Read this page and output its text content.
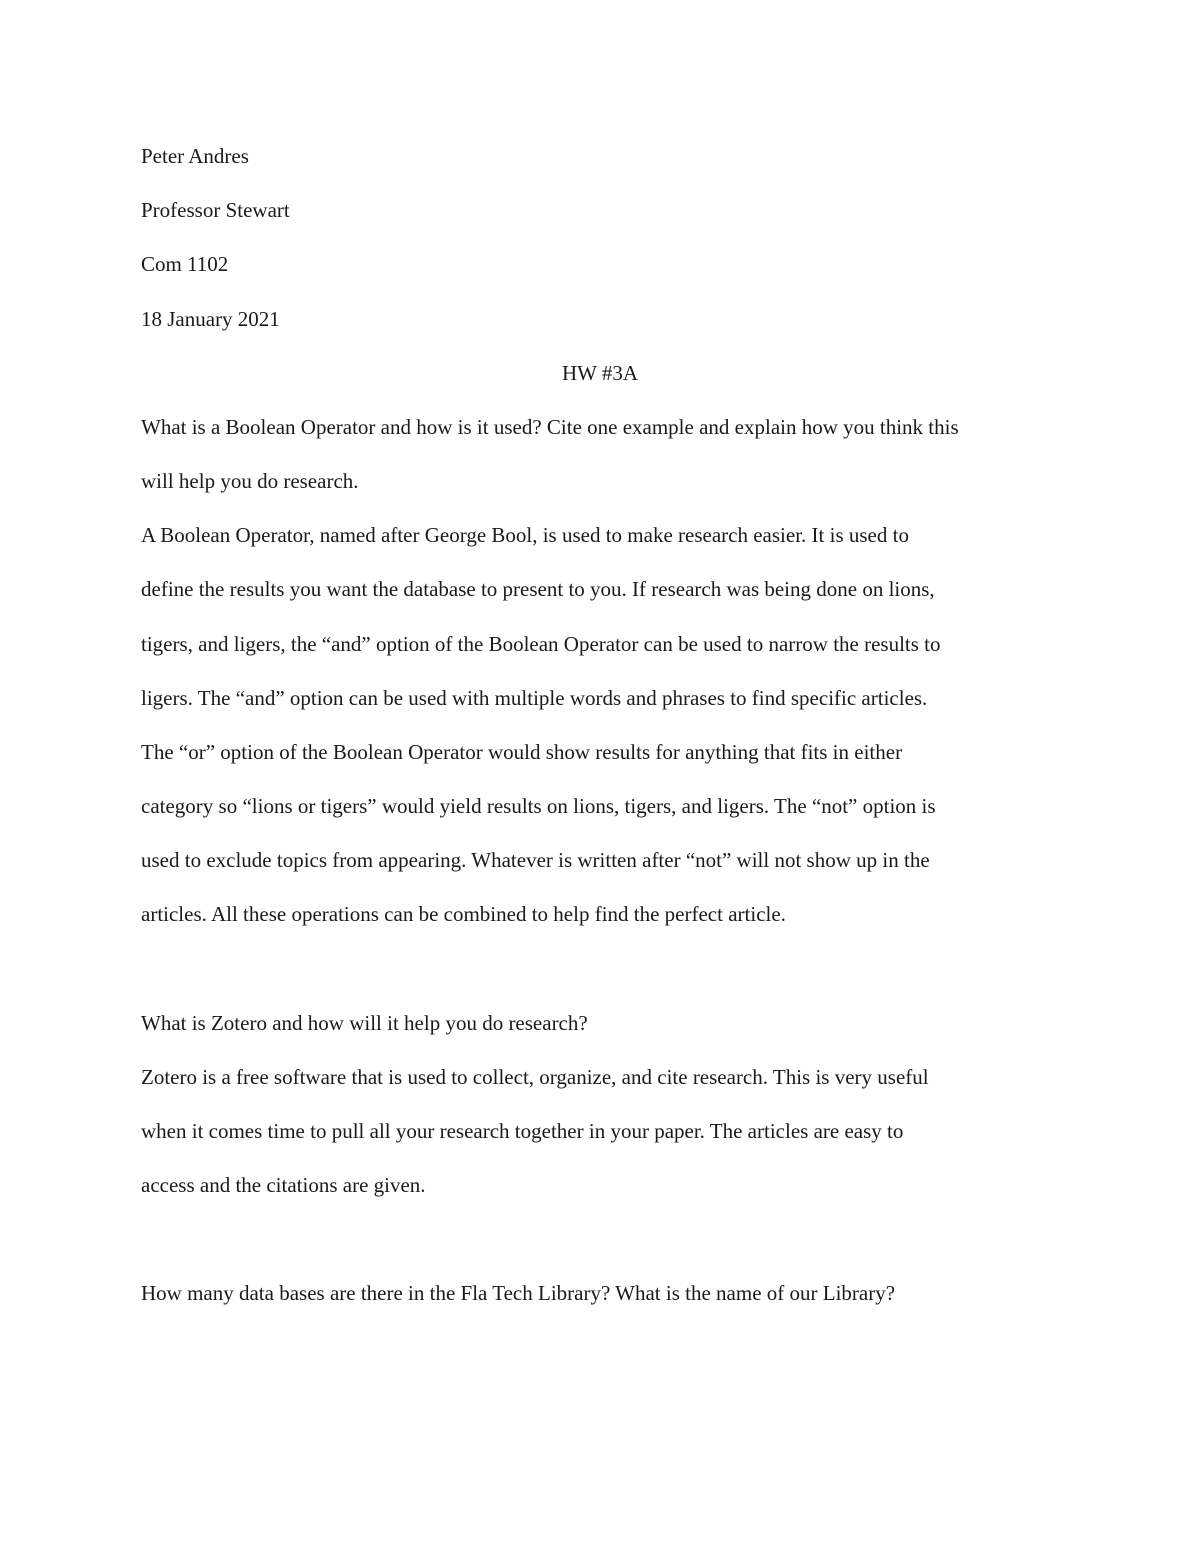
Peter Andres
Professor Stewart
Com 1102
18 January 2021
HW #3A
What is a Boolean Operator and how is it used? Cite one example and explain how you think this
will help you do research.
A Boolean Operator, named after George Bool, is used to make research easier. It is used to
define the results you want the database to present to you. If research was being done on lions,
tigers, and ligers, the “and” option of the Boolean Operator can be used to narrow the results to
ligers. The “and” option can be used with multiple words and phrases to find specific articles.
The “or” option of the Boolean Operator would show results for anything that fits in either
category so “lions or tigers” would yield results on lions, tigers, and ligers. The “not” option is
used to exclude topics from appearing. Whatever is written after “not” will not show up in the
articles. All these operations can be combined to help find the perfect article.
What is Zotero and how will it help you do research?
Zotero is a free software that is used to collect, organize, and cite research. This is very useful
when it comes time to pull all your research together in your paper. The articles are easy to
access and the citations are given.
How many data bases are there in the Fla Tech Library? What is the name of our Library?
